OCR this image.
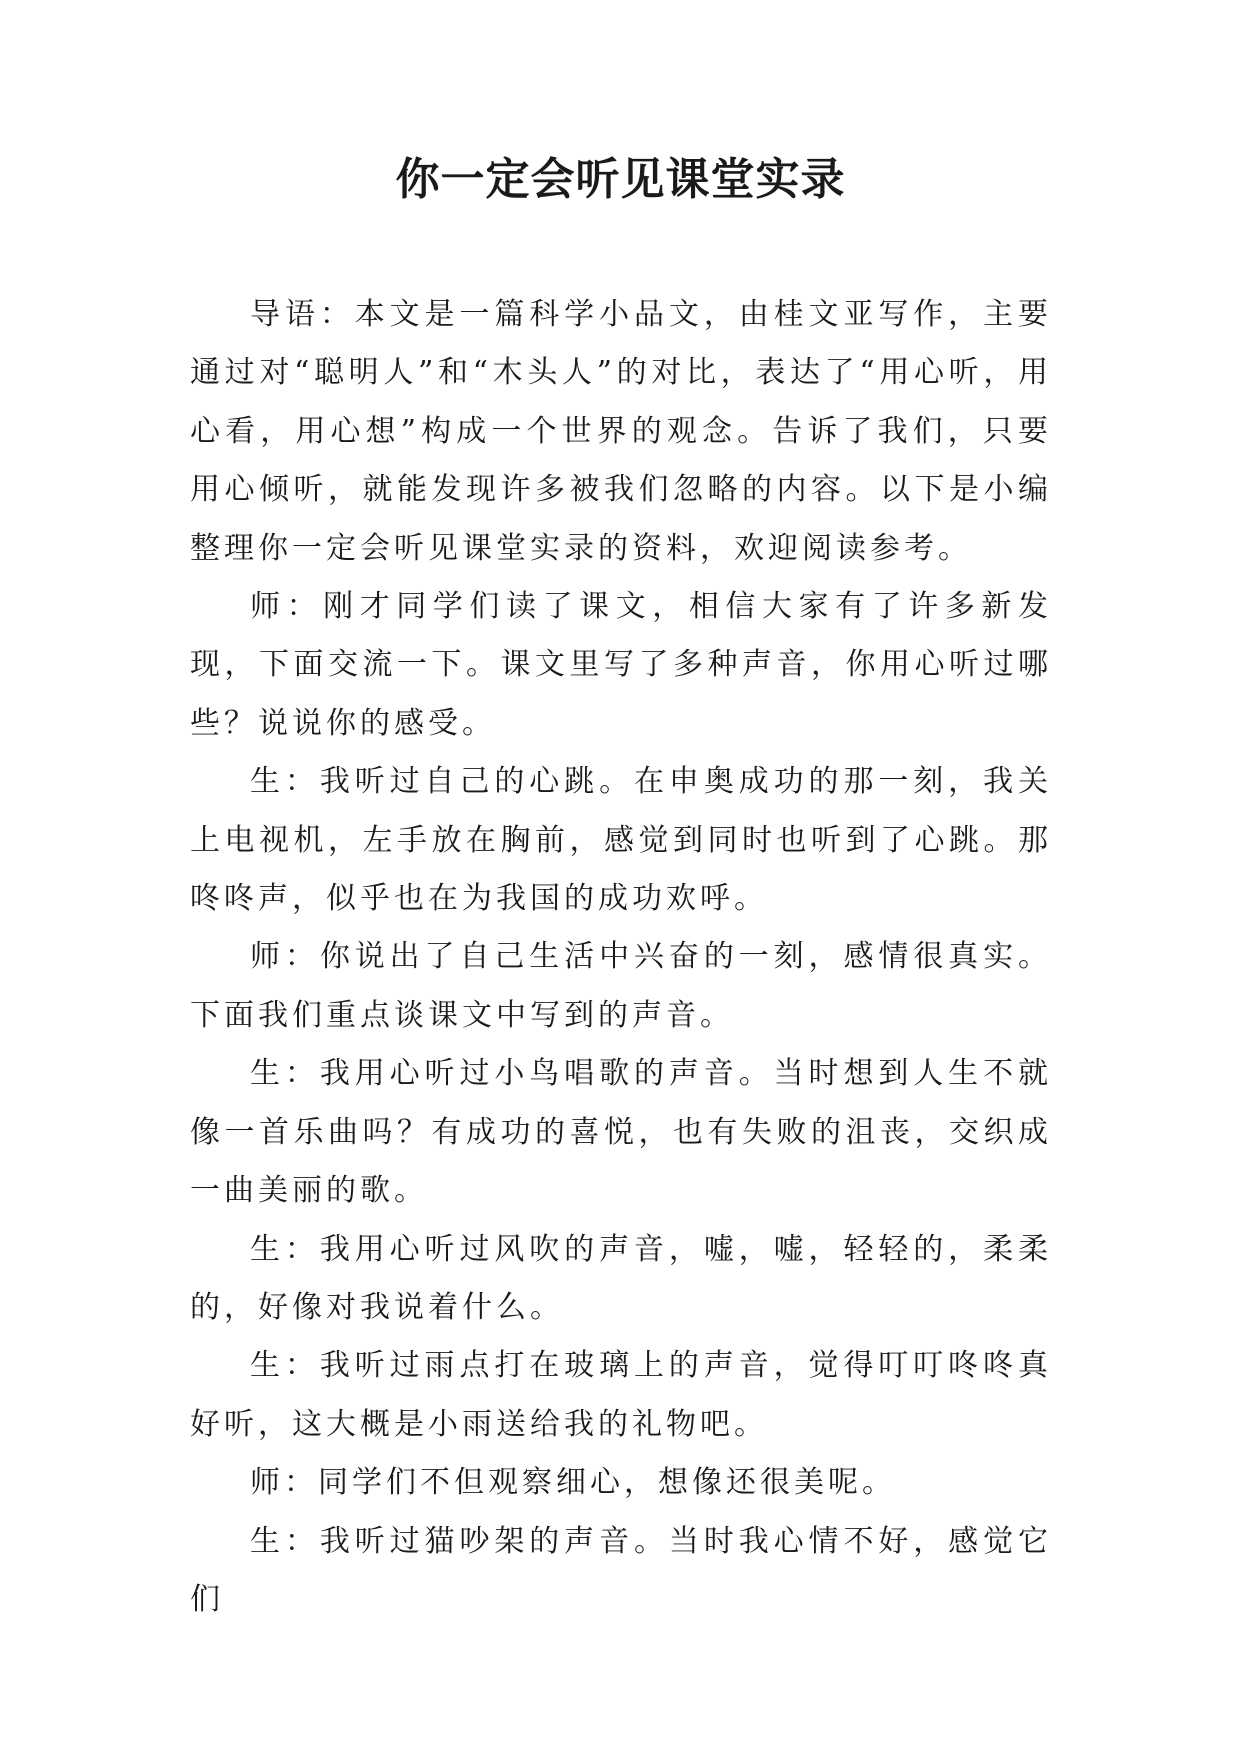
你一定会听见课堂实录

导语：本文是一篇科学小品文，由桂文亚写作，主要通过对“聪明人”和“木头人”的对比，表达了“用心听，用心看，用心想”构成一个世界的观念。告诉了我们，只要用心倾听，就能发现许多被我们忽略的内容。以下是小编整理你一定会听见课堂实录的资料，欢迎阅读参考。

师：刚才同学们读了课文，相信大家有了许多新发现，下面交流一下。课文里写了多种声音，你用心听过哪些？说说你的感受。

生：我听过自己的心跳。在申奥成功的那一刻，我关上电视机，左手放在胸前，感觉到同时也听到了心跳。那咚咚声，似乎也在为我国的成功欢呼。

师：你说出了自己生活中兴奋的一刻，感情很真实。下面我们重点谈课文中写到的声音。

生：我用心听过小鸟唱歌的声音。当时想到人生不就像一首乐曲吗？有成功的喜悦，也有失败的沮丧，交织成一曲美丽的歌。

生：我用心听过风吹的声音，嘘，嘘，轻轻的，柔柔的，好像对我说着什么。

生：我听过雨点打在玻璃上的声音，觉得叮叮咚咚真好听，这大概是小雨送给我的礼物吧。

师：同学们不但观察细心，想像还很美呢。

生：我听过猫吵架的声音。当时我心情不好，感觉它们
